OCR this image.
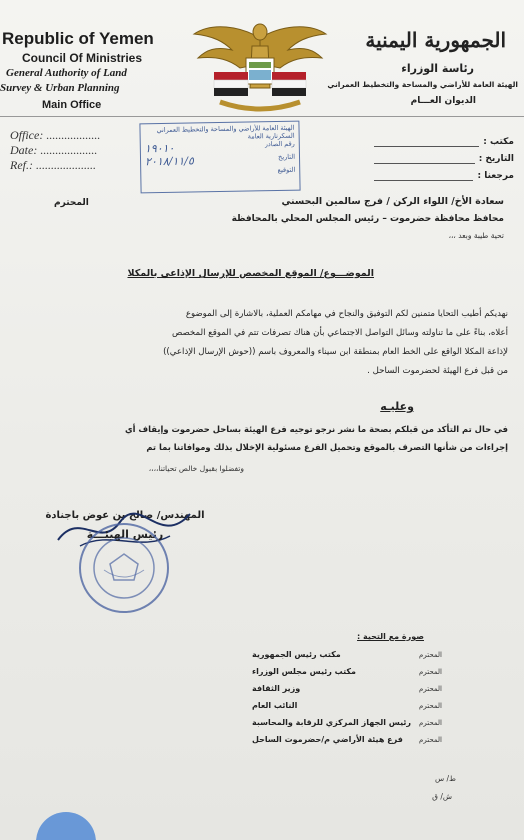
Republic of Yemen
Council Of Ministries
General Authority of Land
Survey & Urban Planning
Main Office
الجمهورية اليمنية
رئاسة الوزراء
الهيئة العامة للأراضي والمساحة والتخطيط العمراني
الديوان العـــام
Office: ..................
Date: ...................
Ref.: ....................
الهيئة العامة للأراضي والمساحة والتخطيط العمراني
السكرتارية العامة
رقم الصادر
١٩٠١٠
التاريخ
٢٠١٨/١١/٥
التوقيع
مكتب :
التاريخ :
مرجعنا :
المحترم	سعادة الأخ/ اللواء الركن / فرج سالمين البحسني
محافظ محافظة حضرموت – رئيس المجلس المحلي بالمحافظة
تحية طيبة وبعد ،،،
الموضـــوع/ الموقع المخصص للإرسال الإذاعي بالمكلا

نهديكم أطيب التحايا متمنين لكم التوفيق والنجاح في مهامكم العملية، بالاشارة إلى الموضوع

أعلاه، بناءً على ما تناولته وسائل التواصل الاجتماعي بأن هناك تصرفات تتم في الموقع المخصص

لإذاعة المكلا الواقع على الخط العام بمنطقة ابن سيناء والمعروف باسم ((حوش الإرسال الإذاعي))

من قبل فرع الهيئة لحضرموت الساحل .

وعليـه
في حال تم التأكد من قبلكم بصحة ما نشر نرجو توجيه فرع الهيئة بساحل حضرموت وإيقاف أي
إجراءات من شأنها التصرف بالموقع وتحميل الفرع مسئولية الإخلال بذلك وموافاتنا بما تم
وتفضلوا بقبول خالص تحياتنا،،،،
المهندس/ صالح بن عوض باجنادة
رئيس الهيئـــة
صورة مع التحية :
مكتب رئيس الجمهورية	المحترم
مكتب رئيس مجلس الوزراء	المحترم
وزير الثقافة	المحترم
النائب العام	المحترم
رئيس الجهاز المركزي للرقابة والمحاسبة المحترم
فرع هيئة الأراضي م/حضرموت الساحل المحترم
ط/ س
ش/ ق
